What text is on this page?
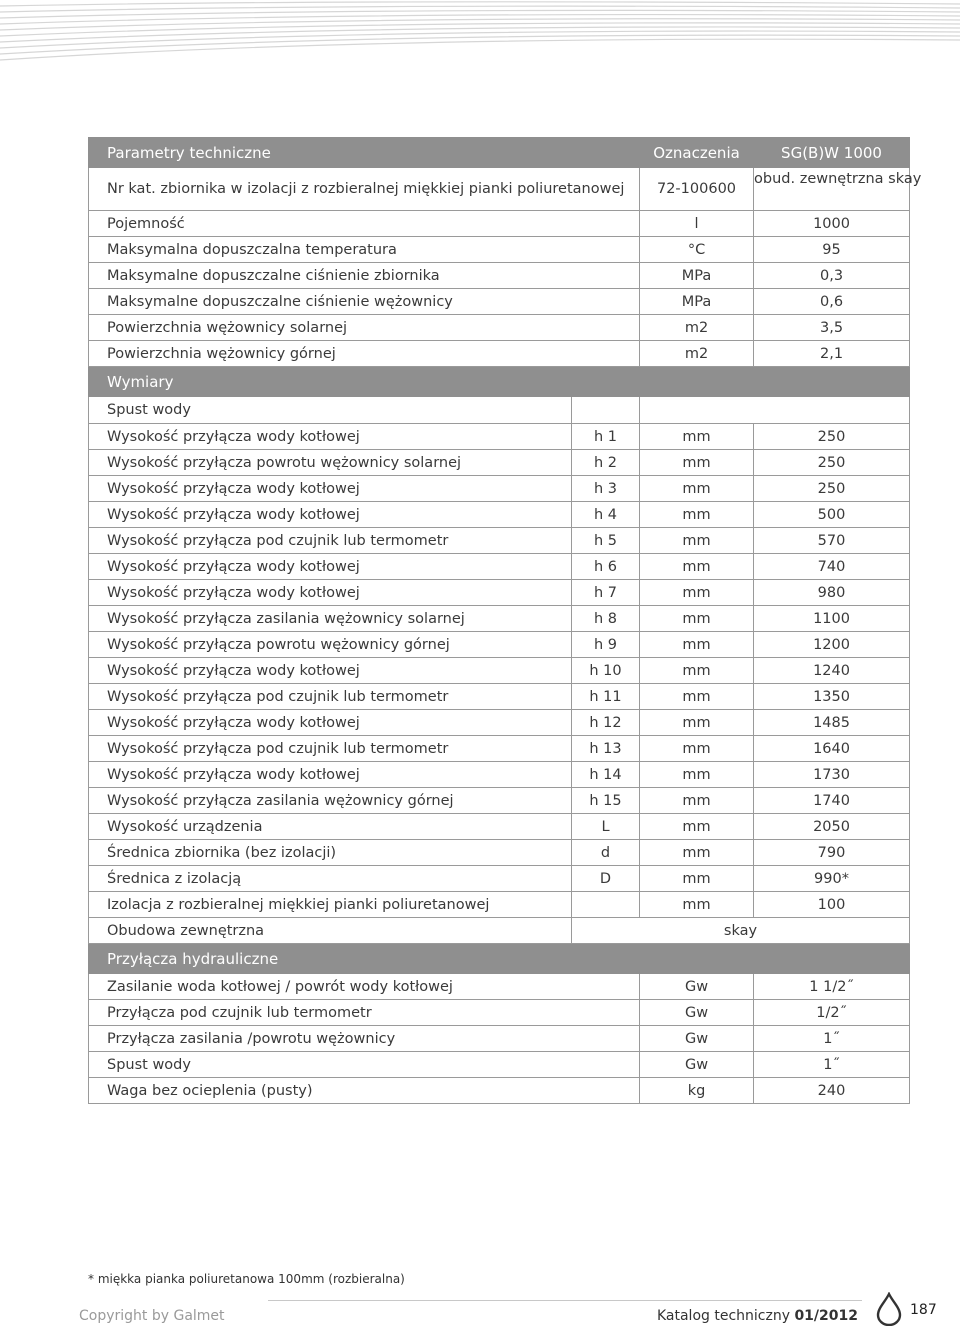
Parametry techniczne		Oznaczenia	SG(B)W 1000
Nr kat. zbiornika w izolacji z rozbieralnej miękkiej pianki poliuretanowej		72-100600	obud. zewnętrzna skay
Pojemność		l	1000
Maksymalna dopuszczalna temperatura		°C	95
Maksymalne dopuszczalne ciśnienie zbiornika		MPa	0,3
Maksymalne dopuszczalne ciśnienie wężownicy		MPa	0,6
Powierzchnia wężownicy solarnej		m2	3,5
Powierzchnia wężownicy górnej		m2	2,1
Wymiary			
Spust wody			
Wysokość przyłącza wody kotłowej	h 1	mm	250
Wysokość przyłącza powrotu wężownicy solarnej	h 2	mm	250
Wysokość przyłącza wody kotłowej	h 3	mm	250
Wysokość przyłącza wody kotłowej	h 4	mm	500
Wysokość przyłącza pod czujnik lub termometr	h 5	mm	570
Wysokość przyłącza wody kotłowej	h 6	mm	740
Wysokość przyłącza wody kotłowej	h 7	mm	980
Wysokość przyłącza zasilania wężownicy solarnej	h 8	mm	1100
Wysokość przyłącza powrotu wężownicy górnej	h 9	mm	1200
Wysokość przyłącza wody kotłowej	h 10	mm	1240
Wysokość przyłącza pod czujnik lub termometr	h 11	mm	1350
Wysokość przyłącza wody kotłowej	h 12	mm	1485
Wysokość przyłącza pod czujnik lub termometr	h 13	mm	1640
Wysokość przyłącza wody kotłowej	h 14	mm	1730
Wysokość przyłącza zasilania wężownicy górnej	h 15	mm	1740
Wysokość urządzenia	L	mm	2050
Średnica zbiornika (bez izolacji)	d	mm	790
Średnica z izolacją	D	mm	990*
Izolacja z rozbieralnej miękkiej pianki poliuretanowej		mm	100
Obudowa zewnętrzna	skay		
Przyłącza hydrauliczne			
Zasilanie woda kotłowej / powrót wody kotłowej		Gw	1 1/2˝
Przyłącza pod czujnik lub termometr		Gw	1/2˝
Przyłącza zasilania /powrotu wężownicy		Gw	1˝
Spust wody		Gw	1˝
Waga bez ocieplenia (pusty)		kg	240
* miękka pianka poliuretanowa 100mm (rozbieralna)
Copyright by Galmet	Katalog techniczny 01/2012	187
